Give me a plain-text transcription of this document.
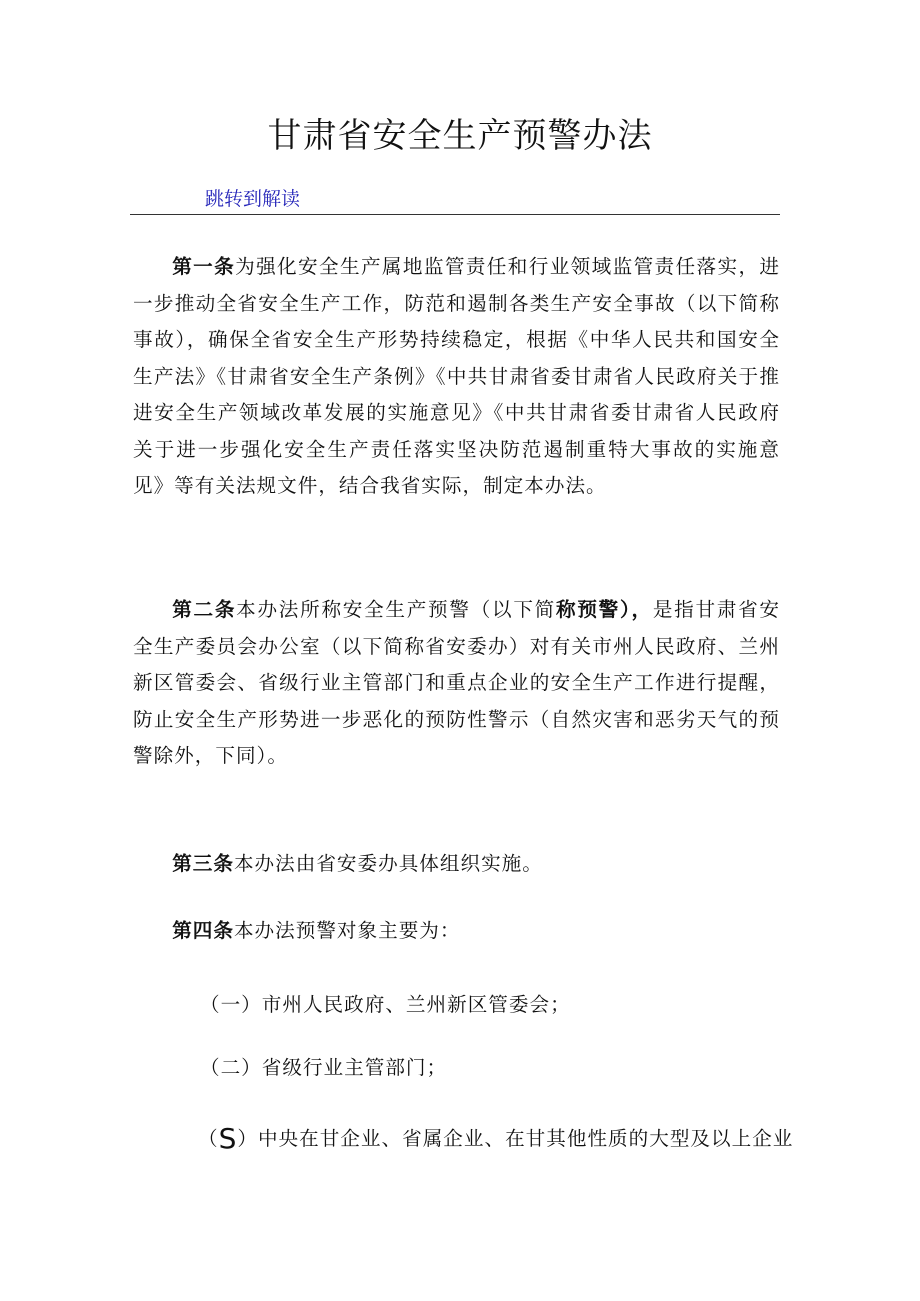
甘肃省安全生产预警办法
跳转到解读

第一条为强化安全生产属地监管责任和行业领域监管责任落实，进一步推动全省安全生产工作，防范和遏制各类生产安全事故（以下简称事故），确保全省安全生产形势持续稳定，根据《中华人民共和国安全生产法》《甘肃省安全生产条例》《中共甘肃省委甘肃省人民政府关于推进安全生产领域改革发展的实施意见》《中共甘肃省委甘肃省人民政府关于进一步强化安全生产责任落实坚决防范遏制重特大事故的实施意见》等有关法规文件，结合我省实际，制定本办法。

第二条本办法所称安全生产预警（以下简称预警），是指甘肃省安全生产委员会办公室（以下简称省安委办）对有关市州人民政府、兰州新区管委会、省级行业主管部门和重点企业的安全生产工作进行提醒，防止安全生产形势进一步恶化的预防性警示（自然灾害和恶劣天气的预警除外，下同）。

第三条本办法由省安委办具体组织实施。

第四条本办法预警对象主要为：

（一）市州人民政府、兰州新区管委会；

（二）省级行业主管部门；

（S）中央在甘企业、省属企业、在甘其他性质的大型及以上企业
